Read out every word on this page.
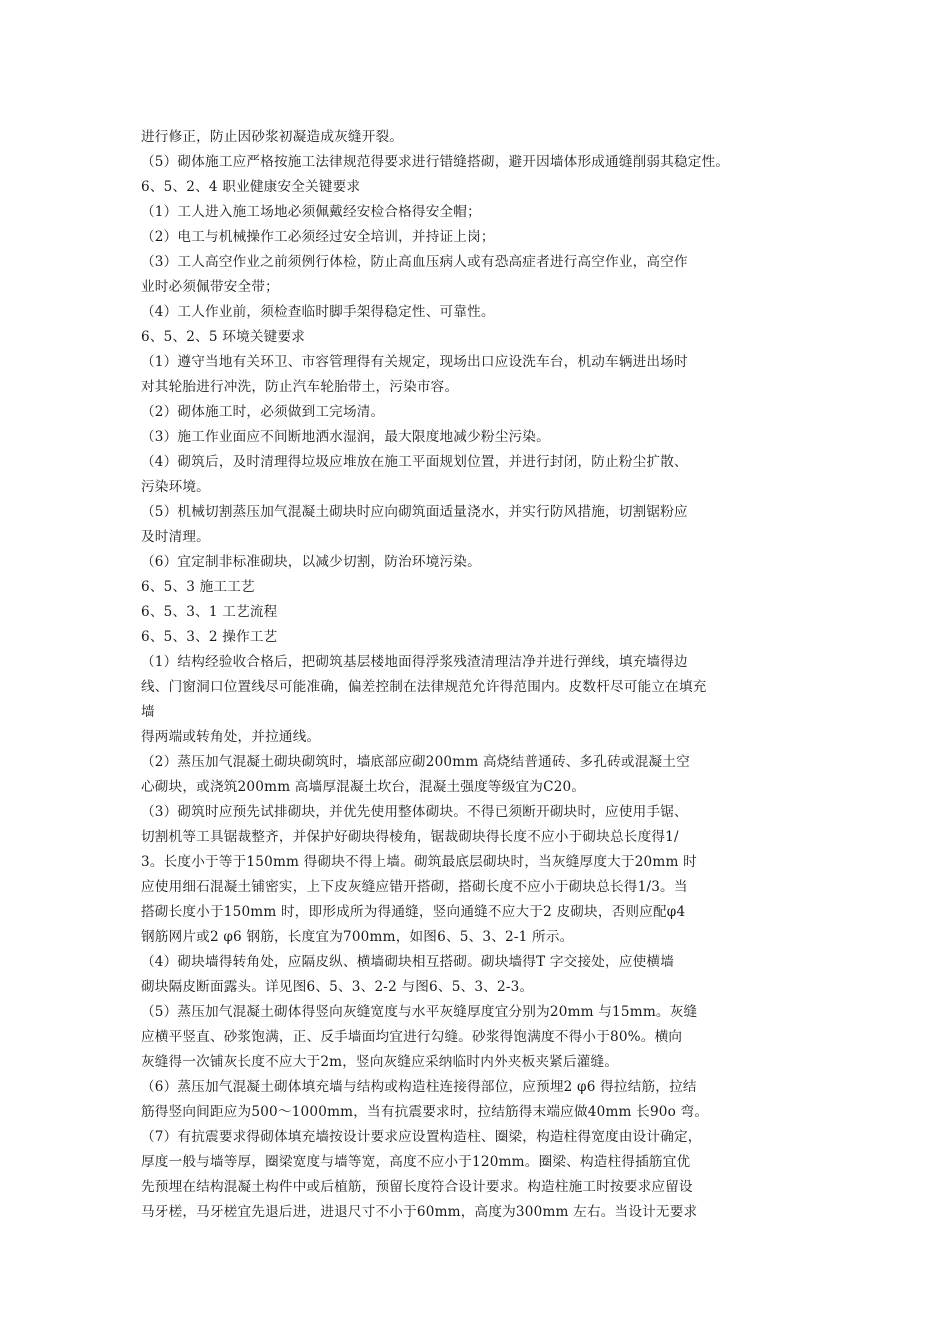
进行修正，防止因砂浆初凝造成灰缝开裂。
（5）砌体施工应严格按施工法律规范得要求进行错缝搭砌，避开因墙体形成通缝削弱其稳定性。
6、5、2、4 职业健康安全关键要求
（1）工人进入施工场地必须佩戴经安检合格得安全帽；
（2）电工与机械操作工必须经过安全培训，并持证上岗；
（3）工人高空作业之前须例行体检，防止高血压病人或有恐高症者进行高空作业，高空作
业时必须佩带安全带；
（4）工人作业前，须检查临时脚手架得稳定性、可靠性。
6、5、2、5 环境关键要求
（1）遵守当地有关环卫、市容管理得有关规定，现场出口应设洗车台，机动车辆进出场时
对其轮胎进行冲洗，防止汽车轮胎带土，污染市容。
（2）砌体施工时，必须做到工完场清。
（3）施工作业面应不间断地洒水湿润，最大限度地减少粉尘污染。
（4）砌筑后，及时清理得垃圾应堆放在施工平面规划位置，并进行封闭，防止粉尘扩散、
污染环境。
（5）机械切割蒸压加气混凝土砌块时应向砌筑面适量浇水，并实行防风措施，切割锯粉应
及时清理。
（6）宜定制非标准砌块，以减少切割，防治环境污染。
6、5、3 施工工艺
6、5、3、1 工艺流程
6、5、3、2 操作工艺
（1）结构经验收合格后，把砌筑基层楼地面得浮浆残渣清理洁净并进行弹线，填充墙得边
线、门窗洞口位置线尽可能准确，偏差控制在法律规范允许得范围内。皮数杆尽可能立在填充
墙
得两端或转角处，并拉通线。
（2）蒸压加气混凝土砌块砌筑时，墙底部应砌200mm 高烧结普通砖、多孔砖或混凝土空
心砌块，或浇筑200mm 高墙厚混凝土坎台，混凝土强度等级宜为C20。
（3）砌筑时应预先试排砌块，并优先使用整体砌块。不得已须断开砌块时，应使用手锯、
切割机等工具锯裁整齐，并保护好砌块得棱角，锯裁砌块得长度不应小于砌块总长度得1/
3。长度小于等于150mm 得砌块不得上墙。砌筑最底层砌块时，当灰缝厚度大于20mm 时
应使用细石混凝土铺密实，上下皮灰缝应错开搭砌，搭砌长度不应小于砌块总长得1/3。当
搭砌长度小于150mm 时，即形成所为得通缝，竖向通缝不应大于2 皮砌块，否则应配φ4
钢筋网片或2 φ6 钢筋，长度宜为700mm，如图6、5、3、2-1 所示。
（4）砌块墙得转角处，应隔皮纵、横墙砌块相互搭砌。砌块墙得T 字交接处，应使横墙
砌块隔皮断面露头。详见图6、5、3、2-2 与图6、5、3、2-3。
（5）蒸压加气混凝土砌体得竖向灰缝宽度与水平灰缝厚度宜分别为20mm 与15mm。灰缝
应横平竖直、砂浆饱满，正、反手墙面均宜进行勾缝。砂浆得饱满度不得小于80%。横向
灰缝得一次铺灰长度不应大于2m，竖向灰缝应采纳临时内外夹板夹紧后灌缝。
（6）蒸压加气混凝土砌体填充墙与结构或构造柱连接得部位，应预埋2 φ6 得拉结筋，拉结
筋得竖向间距应为500～1000mm，当有抗震要求时，拉结筋得末端应做40mm 长90o 弯。
（7）有抗震要求得砌体填充墙按设计要求应设置构造柱、圈梁，构造柱得宽度由设计确定，
厚度一般与墙等厚，圈梁宽度与墙等宽，高度不应小于120mm。圈梁、构造柱得插筋宜优
先预埋在结构混凝土构件中或后植筋，预留长度符合设计要求。构造柱施工时按要求应留设
马牙槎，马牙槎宜先退后进，进退尺寸不小于60mm，高度为300mm 左右。当设计无要求
